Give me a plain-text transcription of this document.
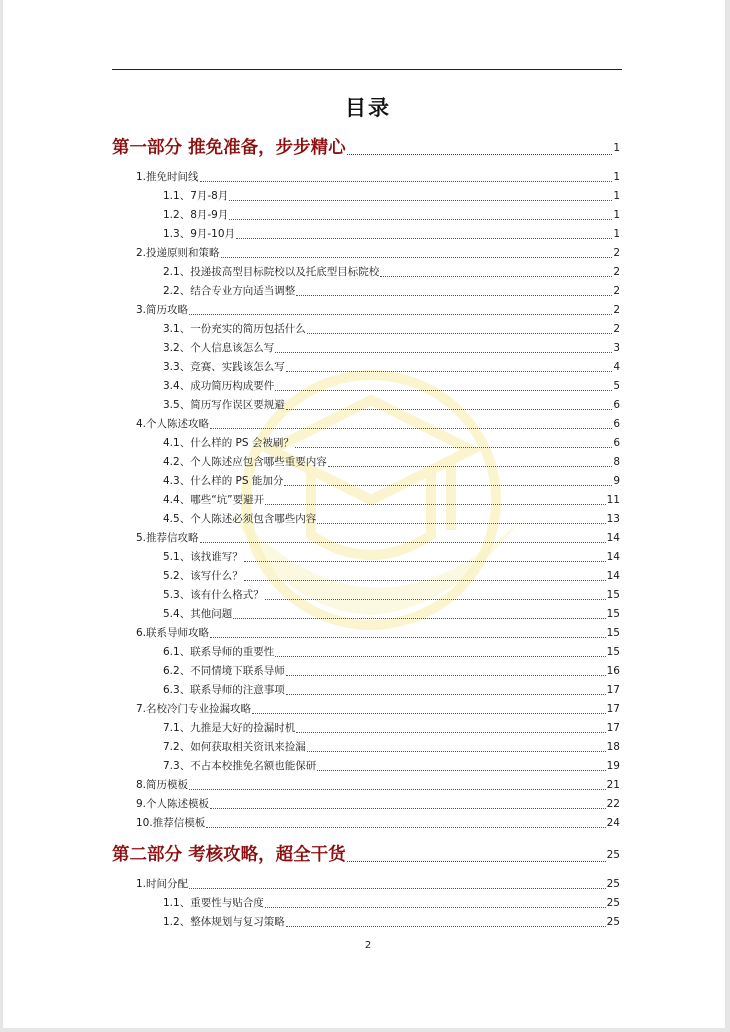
目录
第一部分 推免准备，步步精心	1
1.推免时间线	1
1.1、7月-8月	1
1.2、8月-9月	1
1.3、9月-10月	1
2.投递原则和策略	2
2.1、投递拔高型目标院校以及托底型目标院校	2
2.2、结合专业方向适当调整	2
3.简历攻略	2
3.1、一份充实的简历包括什么	2
3.2、个人信息该怎么写	3
3.3、竞赛、实践该怎么写	4
3.4、成功简历构成要件	5
3.5、简历写作误区要规避	6
4.个人陈述攻略	6
4.1、什么样的 PS 会被刷？	6
4.2、个人陈述应包含哪些重要内容	8
4.3、什么样的 PS 能加分	9
4.4、哪些“坑”要避开	11
4.5、个人陈述必须包含哪些内容	13
5.推荐信攻略	14
5.1、该找谁写？	14
5.2、该写什么？	14
5.3、该有什么格式？	15
5.4、其他问题	15
6.联系导师攻略	15
6.1、联系导师的重要性	15
6.2、不同情境下联系导师	16
6.3、联系导师的注意事项	17
7.名校冷门专业捡漏攻略	17
7.1、九推是大好的捡漏时机	17
7.2、如何获取相关资讯来捡漏	18
7.3、不占本校推免名额也能保研	19
8.简历模板	21
9.个人陈述模板	22
10.推荐信模板	24
第二部分 考核攻略，超全干货	25
1.时间分配	25
1.1、重要性与贴合度	25
1.2、整体规划与复习策略	25
2
